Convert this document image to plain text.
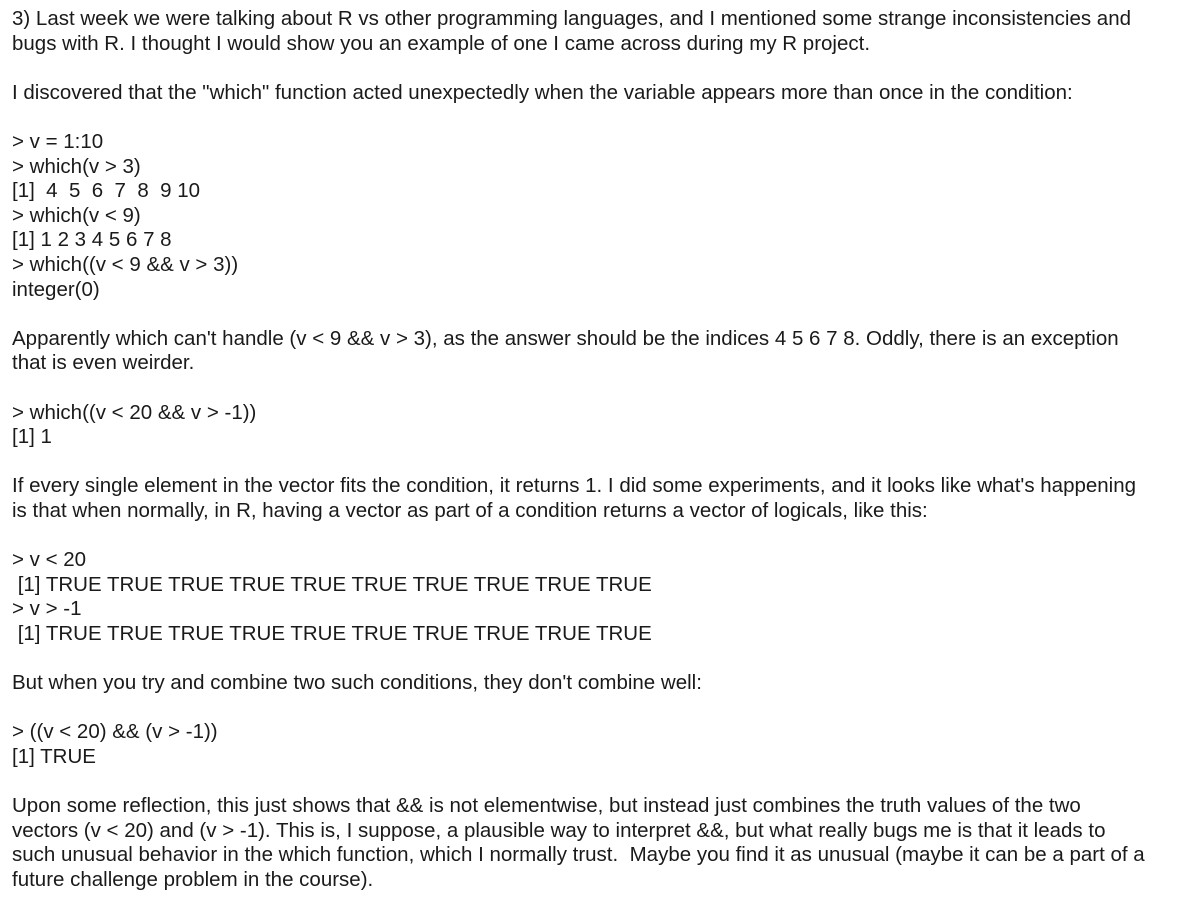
3) Last week we were talking about R vs other programming languages, and I mentioned some strange inconsistencies and
bugs with R. I thought I would show you an example of one I came across during my R project.
I discovered that the "which" function acted unexpectedly when the variable appears more than once in the condition:
> v = 1:10
> which(v > 3)
[1]  4  5  6  7  8  9 10
> which(v < 9)
[1] 1 2 3 4 5 6 7 8
> which((v < 9 && v > 3))
integer(0)
Apparently which can't handle (v < 9 && v > 3), as the answer should be the indices 4 5 6 7 8. Oddly, there is an exception
that is even weirder.
> which((v < 20 && v > -1))
[1] 1
If every single element in the vector fits the condition, it returns 1. I did some experiments, and it looks like what's happening
is that when normally, in R, having a vector as part of a condition returns a vector of logicals, like this:
> v < 20
[1] TRUE TRUE TRUE TRUE TRUE TRUE TRUE TRUE TRUE TRUE
> v > -1
[1] TRUE TRUE TRUE TRUE TRUE TRUE TRUE TRUE TRUE TRUE
But when you try and combine two such conditions, they don't combine well:
> ((v < 20) && (v > -1))
[1] TRUE
Upon some reflection, this just shows that && is not elementwise, but instead just combines the truth values of the two
vectors (v < 20) and (v > -1). This is, I suppose, a plausible way to interpret &&, but what really bugs me is that it leads to
such unusual behavior in the which function, which I normally trust.  Maybe you find it as unusual (maybe it can be a part of a
future challenge problem in the course).
